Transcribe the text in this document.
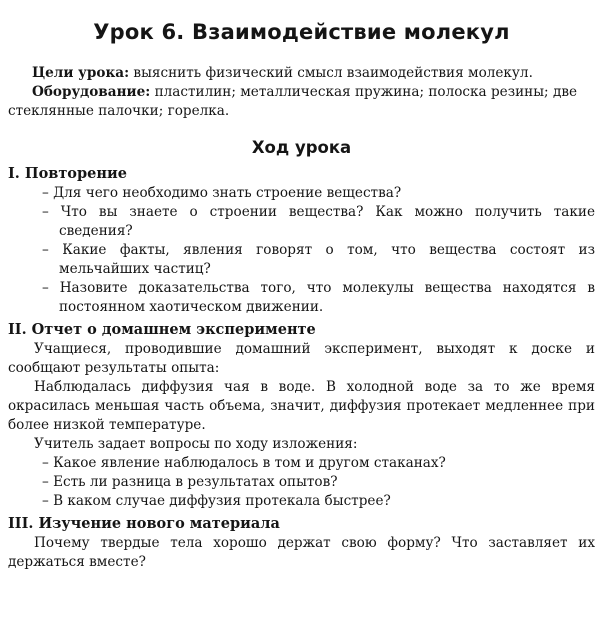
Урок 6. Взаимодействие молекул

Цели урока: выяснить физический смысл взаимодействия молекул.

Оборудование: пластилин; металлическая пружина; полоска резины; две стеклянные палочки; горелка.

Ход урока
I. Повторение

– Для чего необходимо знать строение вещества?

– Что вы знаете о строении вещества? Как можно получить такие сведения?

– Какие факты, явления говорят о том, что вещества состоят из мельчайших частиц?

– Назовите доказательства того, что молекулы вещества находятся в постоянном хаотическом движении.

II. Отчет о домашнем эксперименте

Учащиеся, проводившие домашний эксперимент, выходят к доске и сообщают результаты опыта:

Наблюдалась диффузия чая в воде. В холодной воде за то же время окрасилась меньшая часть объема, значит, диффузия протекает медленнее при более низкой температуре.

Учитель задает вопросы по ходу изложения:

– Какое явление наблюдалось в том и другом стаканах?

– Есть ли разница в результатах опытов?

– В каком случае диффузия протекала быстрее?

III. Изучение нового материала

Почему твердые тела хорошо держат свою форму? Что заставляет их держаться вместе?
